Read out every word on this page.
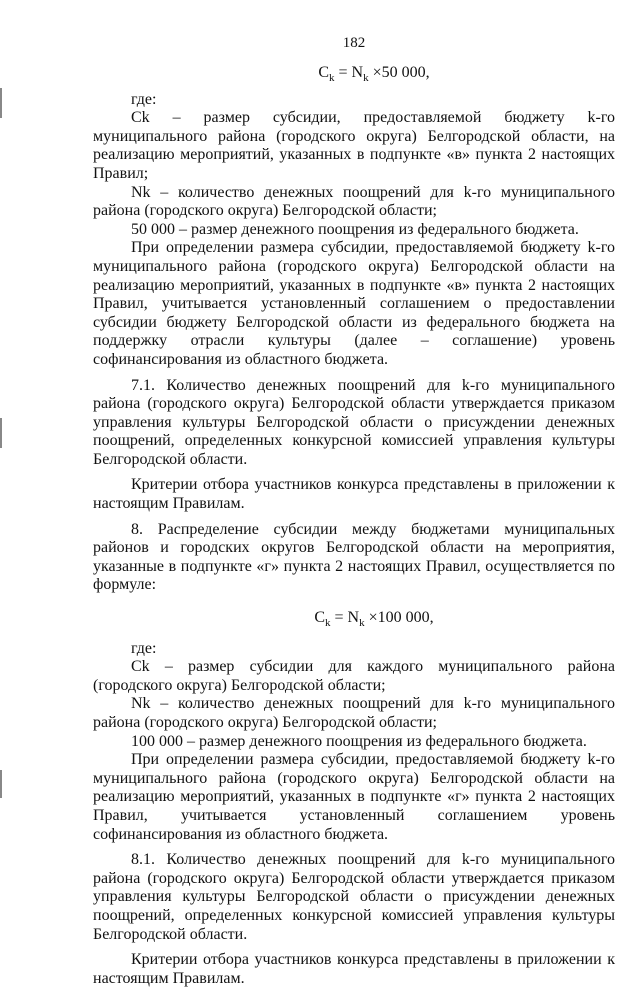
182
$C_k = N_k \times 50$ 000,

где:

Ck – размер субсидии, предоставляемой бюджету k-го муниципального района (городского округа) Белгородской области, на реализацию мероприятий, указанных в подпункте «в» пункта 2 настоящих Правил;

Nk – количество денежных поощрений для k-го муниципального района (городского округа) Белгородской области;

50 000 – размер денежного поощрения из федерального бюджета.

При определении размера субсидии, предоставляемой бюджету k-го муниципального района (городского округа) Белгородской области на реализацию мероприятий, указанных в подпункте «в» пункта 2 настоящих Правил, учитывается установленный соглашением о предоставлении субсидии бюджету Белгородской области из федерального бюджета на поддержку отрасли культуры (далее – соглашение) уровень софинансирования из областного бюджета.

7.1. Количество денежных поощрений для k-го муниципального района (городского округа) Белгородской области утверждается приказом управления культуры Белгородской области о присуждении денежных поощрений, определенных конкурсной комиссией управления культуры Белгородской области.

Критерии отбора участников конкурса представлены в приложении к настоящим Правилам.

8. Распределение субсидии между бюджетами муниципальных районов и городских округов Белгородской области на мероприятия, указанные в подпункте «г» пункта 2 настоящих Правил, осуществляется по формуле:

$C_k = N_k \times 100$ 000,

где:

Ck – размер субсидии для каждого муниципального района (городского округа) Белгородской области;

Nk – количество денежных поощрений для k-го муниципального района (городского округа) Белгородской области;

100 000 – размер денежного поощрения из федерального бюджета.

При определении размера субсидии, предоставляемой бюджету k-го муниципального района (городского округа) Белгородской области на реализацию мероприятий, указанных в подпункте «г» пункта 2 настоящих Правил, учитывается установленный соглашением уровень софинансирования из областного бюджета.

8.1. Количество денежных поощрений для k-го муниципального района (городского округа) Белгородской области утверждается приказом управления культуры Белгородской области о присуждении денежных поощрений, определенных конкурсной комиссией управления культуры Белгородской области.

Критерии отбора участников конкурса представлены в приложении к настоящим Правилам.
